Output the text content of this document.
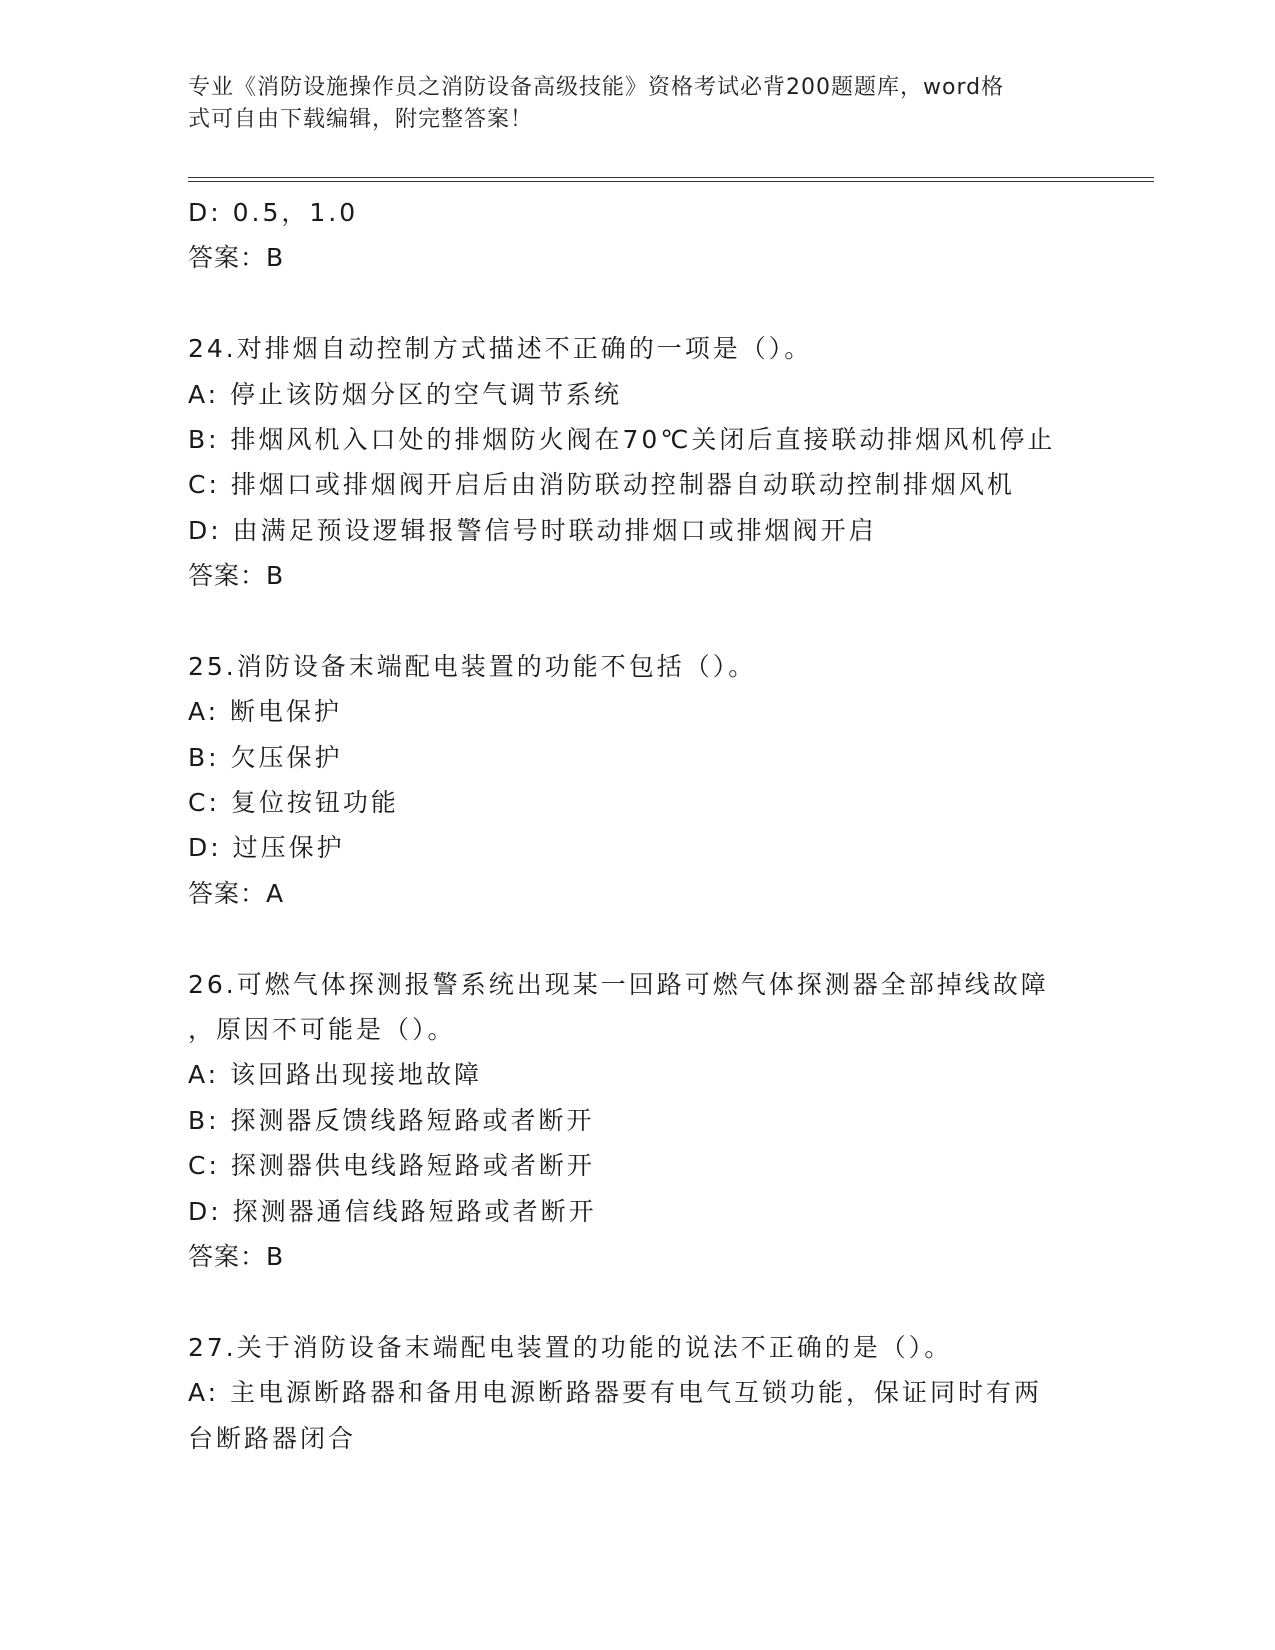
专业《消防设施操作员之消防设备高级技能》资格考试必背200题题库，word格
式可自由下载编辑，附完整答案！
D: 0.5，1.0
答案：B
24.对排烟自动控制方式描述不正确的一项是（）。
A: 停止该防烟分区的空气调节系统
B: 排烟风机入口处的排烟防火阀在70℃关闭后直接联动排烟风机停止
C: 排烟口或排烟阀开启后由消防联动控制器自动联动控制排烟风机
D: 由满足预设逻辑报警信号时联动排烟口或排烟阀开启
答案：B
25.消防设备末端配电装置的功能不包括（）。
A: 断电保护
B: 欠压保护
C: 复位按钮功能
D: 过压保护
答案：A
26.可燃气体探测报警系统出现某一回路可燃气体探测器全部掉线故障
，原因不可能是（）。
A: 该回路出现接地故障
B: 探测器反馈线路短路或者断开
C: 探测器供电线路短路或者断开
D: 探测器通信线路短路或者断开
答案：B
27.关于消防设备末端配电装置的功能的说法不正确的是（）。
A: 主电源断路器和备用电源断路器要有电气互锁功能，保证同时有两
台断路器闭合
